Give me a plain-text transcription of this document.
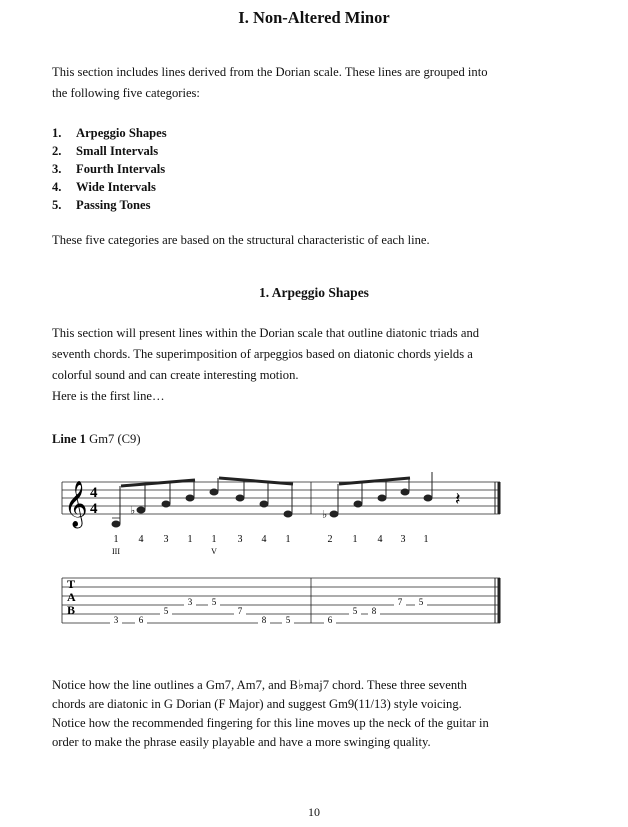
I. Non-Altered Minor
This section includes lines derived from the Dorian scale. These lines are grouped into
the following five categories:
1. Arpeggio Shapes
2. Small Intervals
3. Fourth Intervals
4. Wide Intervals
5. Passing Tones
These five categories are based on the structural characteristic of each line.
1. Arpeggio Shapes
This section will present lines within the Dorian scale that outline diatonic triads and
seventh chords. The superimposition of arpeggios based on diatonic chords yields a
colorful sound and can create interesting motion.
Here is the first line…
Line 1 Gm7 (C9)
𝄞 4
4	♭	♭
𝄽
1 4 3 1 1 3 4 1	2 1 4 3 1
III	V
T
A
B
3 6
5
3 5
7
8 5	6
5 8
7 5
Notice how the line outlines a Gm7, Am7, and B♭maj7 chord. These three seventh
chords are diatonic in G Dorian (F Major) and suggest Gm9(11/13) style voicing.
Notice how the recommended fingering for this line moves up the neck of the guitar in
order to make the phrase easily playable and have a more swinging quality.
10
